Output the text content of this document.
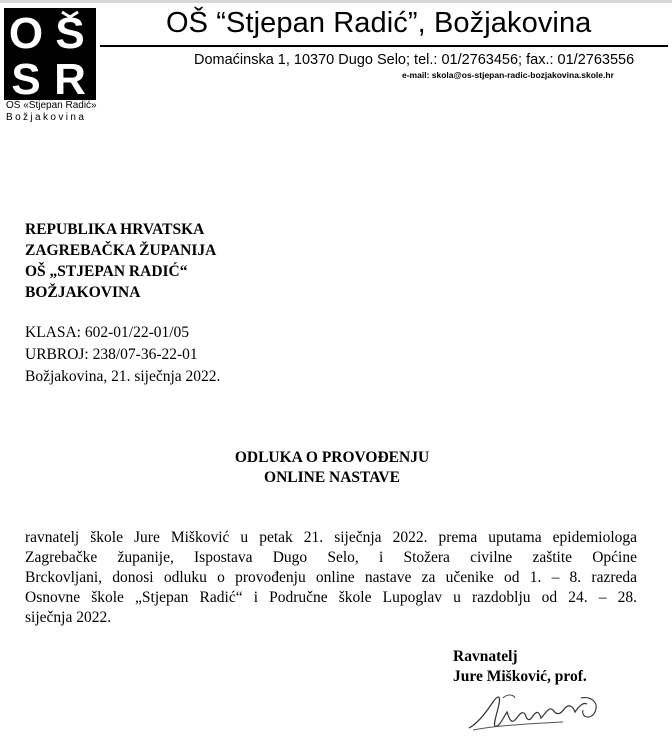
O S
S R
OŠ «Stjepan Radić»
Božjakovina
OŠ “Stjepan Radić”, Božjakovina
Domaćinska 1, 10370 Dugo Selo; tel.: 01/2763456; fax.: 01/2763556
e-mail: skola@os-stjepan-radic-bozjakovina.skole.hr
REPUBLIKA HRVATSKA
ZAGREBAČKA ŽUPANIJA
OŠ „STJEPAN RADIĆ“
BOŽJAKOVINA
KLASA: 602-01/22-01/05
URBROJ: 238/07-36-22-01
Božjakovina, 21. siječnja 2022.
ODLUKA O PROVOĐENJU
ONLINE NASTAVE
ravnatelj škole Jure Mišković u petak 21. siječnja 2022. prema uputama epidemiologa
Zagrebačke županije, Ispostava Dugo Selo, i Stožera civilne zaštite Općine
Brckovljani, donosi odluku o provođenju online nastave za učenike od 1. – 8. razreda
Osnovne škole „Stjepan Radić“ i Područne škole Lupoglav u razdoblju od 24. – 28.
siječnja 2022.
Ravnatelj
Jure Mišković, prof.
